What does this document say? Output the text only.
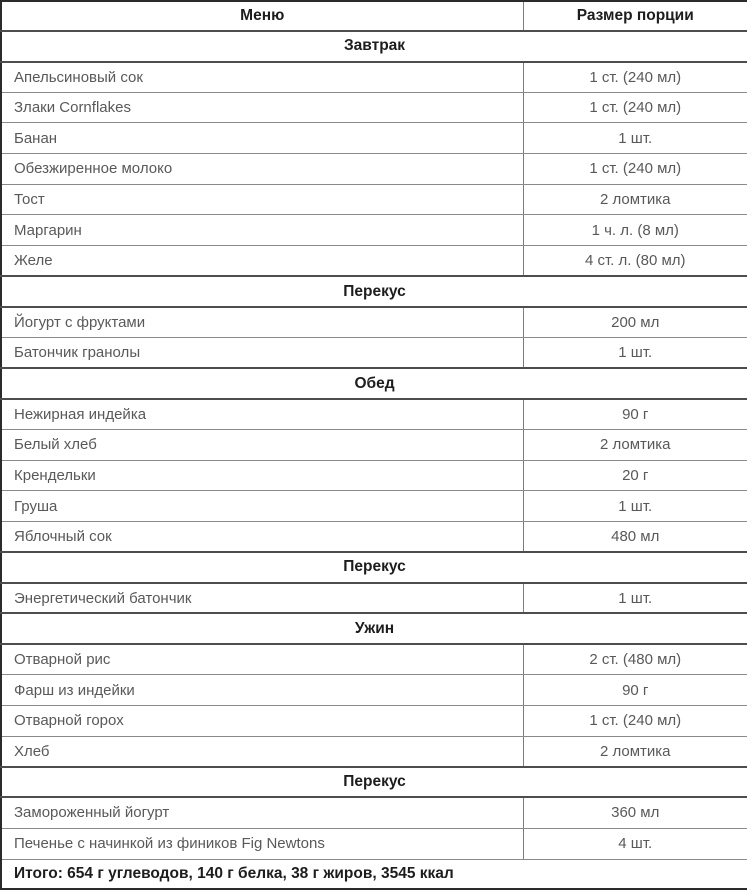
Меню	Размер порции
Завтрак	
Апельсиновый сок	1 ст. (240 мл)
Злаки Cornflakes	1 ст. (240 мл)
Банан	1 шт.
Обезжиренное молоко	1 ст. (240 мл)
Тост	2 ломтика
Маргарин	1 ч. л. (8 мл)
Желе	4 ст. л. (80 мл)
Перекус	
Йогурт с фруктами	200 мл
Батончик гранолы	1 шт.
Обед	
Нежирная индейка	90 г
Белый хлеб	2 ломтика
Крендельки	20 г
Груша	1 шт.
Яблочный сок	480 мл
Перекус	
Энергетический батончик	1 шт.
Ужин	
Отварной рис	2 ст. (480 мл)
Фарш из индейки	90 г
Отварной горох	1 ст. (240 мл)
Хлеб	2 ломтика
Перекус	
Замороженный йогурт	360 мл
Печенье с начинкой из фиников Fig Newtons	4 шт.
Итого: 654 г углеводов, 140 г белка, 38 г жиров, 3545 ккал	
